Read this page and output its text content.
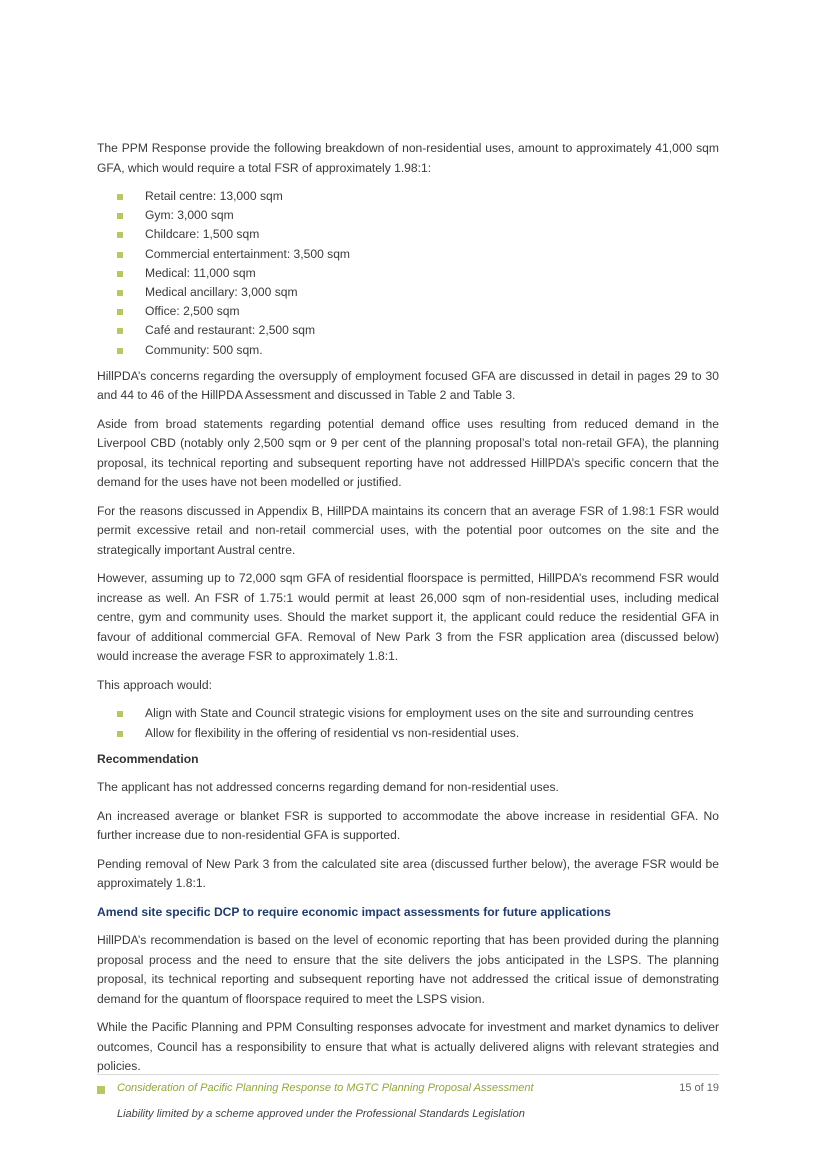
The PPM Response provide the following breakdown of non-residential uses, amount to approximately 41,000 sqm GFA, which would require a total FSR of approximately 1.98:1:

Retail centre: 13,000 sqm
Gym: 3,000 sqm
Childcare: 1,500 sqm
Commercial entertainment: 3,500 sqm
Medical: 11,000 sqm
Medical ancillary: 3,000 sqm
Office: 2,500 sqm
Café and restaurant: 2,500 sqm
Community: 500 sqm.

HillPDA’s concerns regarding the oversupply of employment focused GFA are discussed in detail in pages 29 to 30 and 44 to 46 of the HillPDA Assessment and discussed in Table 2 and Table 3.

Aside from broad statements regarding potential demand office uses resulting from reduced demand in the Liverpool CBD (notably only 2,500 sqm or 9 per cent of the planning proposal’s total non-retail GFA), the planning proposal, its technical reporting and subsequent reporting have not addressed HillPDA’s specific concern that the demand for the uses have not been modelled or justified.

For the reasons discussed in Appendix B, HillPDA maintains its concern that an average FSR of 1.98:1 FSR would permit excessive retail and non-retail commercial uses, with the potential poor outcomes on the site and the strategically important Austral centre.

However, assuming up to 72,000 sqm GFA of residential floorspace is permitted, HillPDA’s recommend FSR would increase as well. An FSR of 1.75:1 would permit at least 26,000 sqm of non-residential uses, including medical centre, gym and community uses. Should the market support it, the applicant could reduce the residential GFA in favour of additional commercial GFA. Removal of New Park 3 from the FSR application area (discussed below) would increase the average FSR to approximately 1.8:1.

This approach would:

Align with State and Council strategic visions for employment uses on the site and surrounding centres
Allow for flexibility in the offering of residential vs non-residential uses.

Recommendation

The applicant has not addressed concerns regarding demand for non-residential uses.

An increased average or blanket FSR is supported to accommodate the above increase in residential GFA. No further increase due to non-residential GFA is supported.

Pending removal of New Park 3 from the calculated site area (discussed further below), the average FSR would be approximately 1.8:1.

Amend site specific DCP to require economic impact assessments for future applications

HillPDA’s recommendation is based on the level of economic reporting that has been provided during the planning proposal process and the need to ensure that the site delivers the jobs anticipated in the LSPS. The planning proposal, its technical reporting and subsequent reporting have not addressed the critical issue of demonstrating demand for the quantum of floorspace required to meet the LSPS vision.

While the Pacific Planning and PPM Consulting responses advocate for investment and market dynamics to deliver outcomes, Council has a responsibility to ensure that what is actually delivered aligns with relevant strategies and policies.

Consideration of Pacific Planning Response to MGTC Planning Proposal Assessment	15 of 19
Liability limited by a scheme approved under the Professional Standards Legislation
